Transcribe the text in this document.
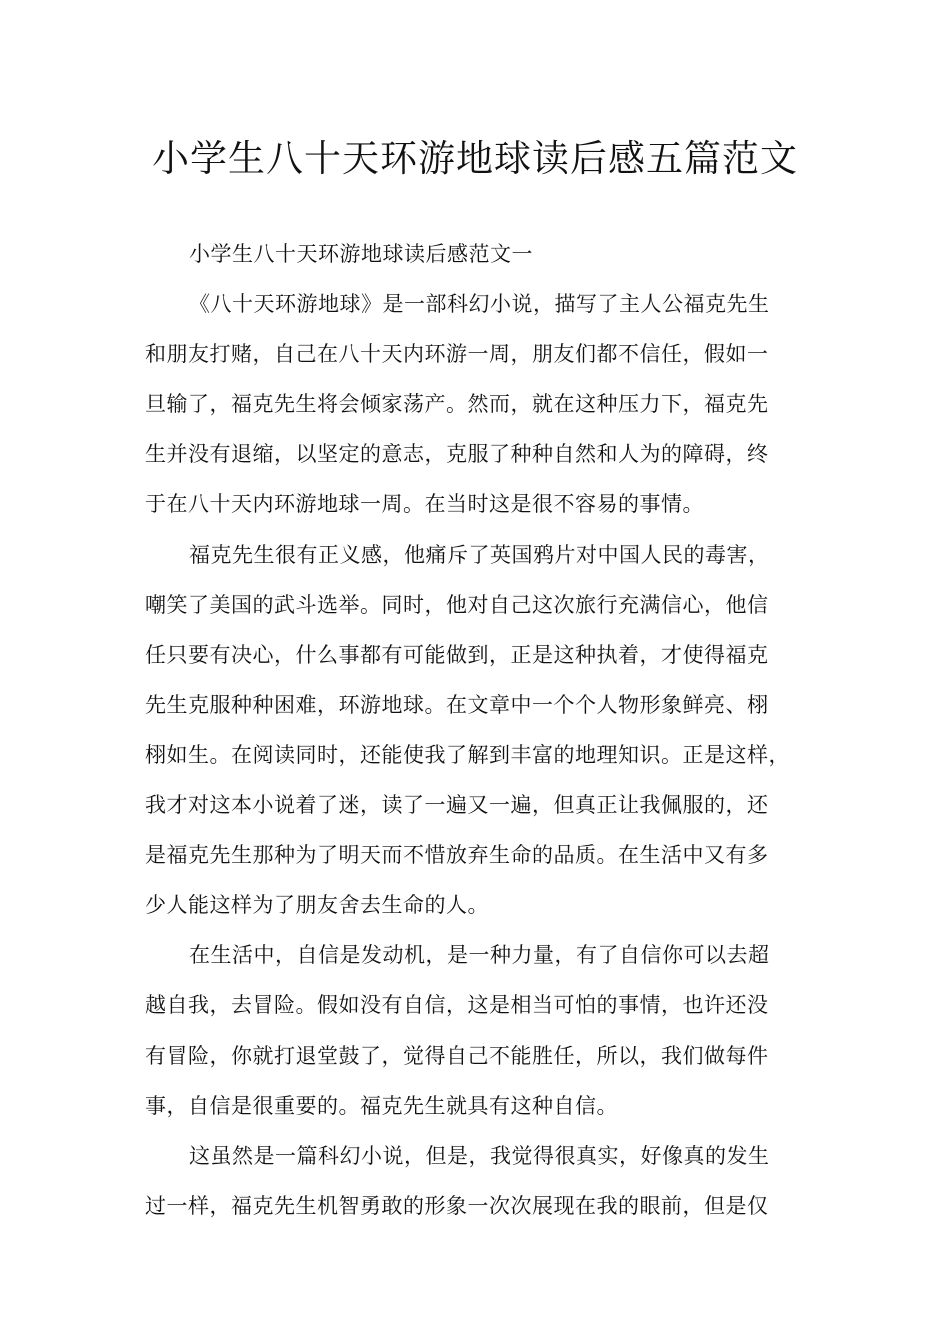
小学生八十天环游地球读后感五篇范文
小学生八十天环游地球读后感范文一
《八十天环游地球》是一部科幻小说，描写了主人公福克先生
和朋友打赌，自己在八十天内环游一周，朋友们都不信任，假如一
旦输了，福克先生将会倾家荡产。然而，就在这种压力下，福克先
生并没有退缩，以坚定的意志，克服了种种自然和人为的障碍，终
于在八十天内环游地球一周。在当时这是很不容易的事情。
福克先生很有正义感，他痛斥了英国鸦片对中国人民的毒害，
嘲笑了美国的武斗选举。同时，他对自己这次旅行充满信心，他信
任只要有决心，什么事都有可能做到，正是这种执着，才使得福克
先生克服种种困难，环游地球。在文章中一个个人物形象鲜亮、栩
栩如生。在阅读同时，还能使我了解到丰富的地理知识。正是这样，
我才对这本小说着了迷，读了一遍又一遍，但真正让我佩服的，还
是福克先生那种为了明天而不惜放弃生命的品质。在生活中又有多
少人能这样为了朋友舍去生命的人。
在生活中，自信是发动机，是一种力量，有了自信你可以去超
越自我，去冒险。假如没有自信，这是相当可怕的事情，也许还没
有冒险，你就打退堂鼓了，觉得自己不能胜任，所以，我们做每件
事，自信是很重要的。福克先生就具有这种自信。
这虽然是一篇科幻小说，但是，我觉得很真实，好像真的发生
过一样，福克先生机智勇敢的形象一次次展现在我的眼前，但是仅
